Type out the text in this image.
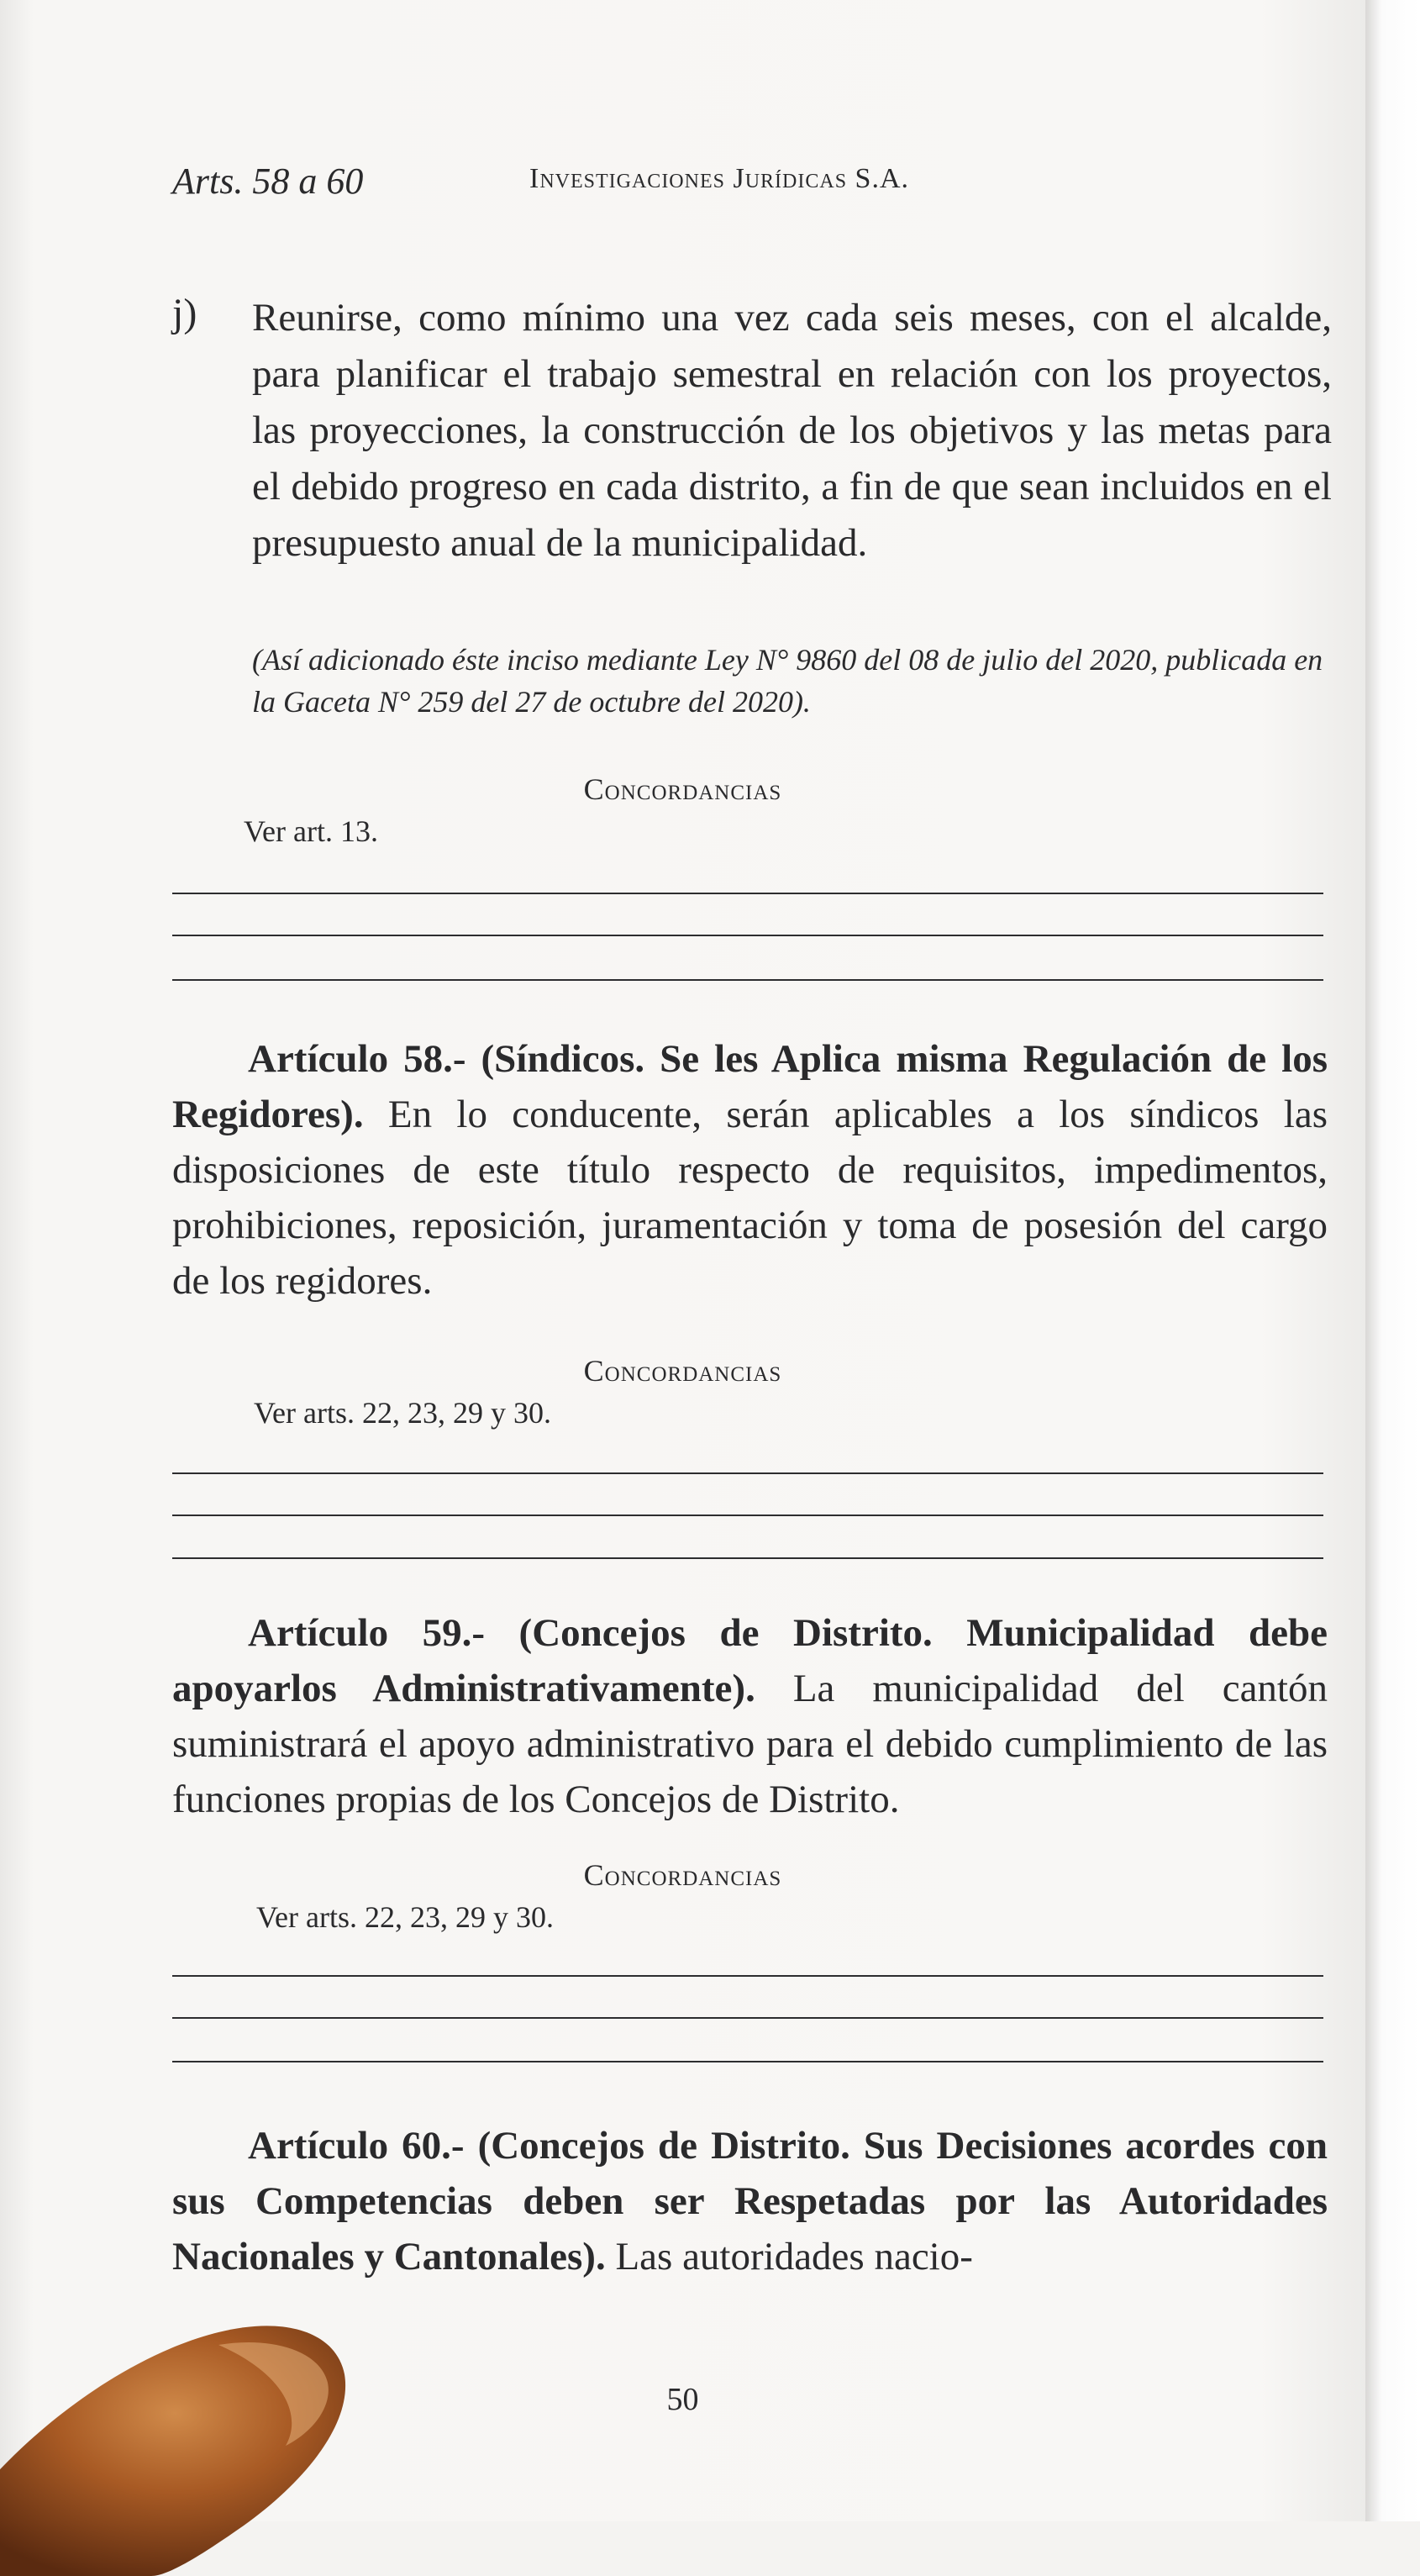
Arts. 58 a 60	Investigaciones Jurídicas S.A.
j) Reunirse, como mínimo una vez cada seis meses, con el alcalde, para planificar el trabajo semestral en relación con los proyectos, las proyecciones, la construcción de los objetivos y las metas para el debido progreso en cada distrito, a fin de que sean incluidos en el presupuesto anual de la municipalidad.
(Así adicionado éste inciso mediante Ley N° 9860 del 08 de julio del 2020, publicada en la Gaceta N° 259 del 27 de octubre del 2020).
Concordancias
Ver art. 13.
Artículo 58.- (Síndicos. Se les Aplica misma Regulación de los Regidores). En lo conducente, serán aplicables a los síndicos las disposiciones de este título respecto de requisitos, impedimentos, prohibiciones, reposición, juramentación y toma de posesión del cargo de los regidores.
Concordancias
Ver arts. 22, 23, 29 y 30.
Artículo 59.- (Concejos de Distrito. Municipalidad debe apoyarlos Administrativamente). La municipalidad del cantón suministrará el apoyo administrativo para el debido cumplimiento de las funciones propias de los Concejos de Distrito.
Concordancias
Ver arts. 22, 23, 29 y 30.
Artículo 60.- (Concejos de Distrito. Sus Decisiones acordes con sus Competencias deben ser Respetadas por las Autoridades Nacionales y Cantonales). Las autoridades nacio-
50
